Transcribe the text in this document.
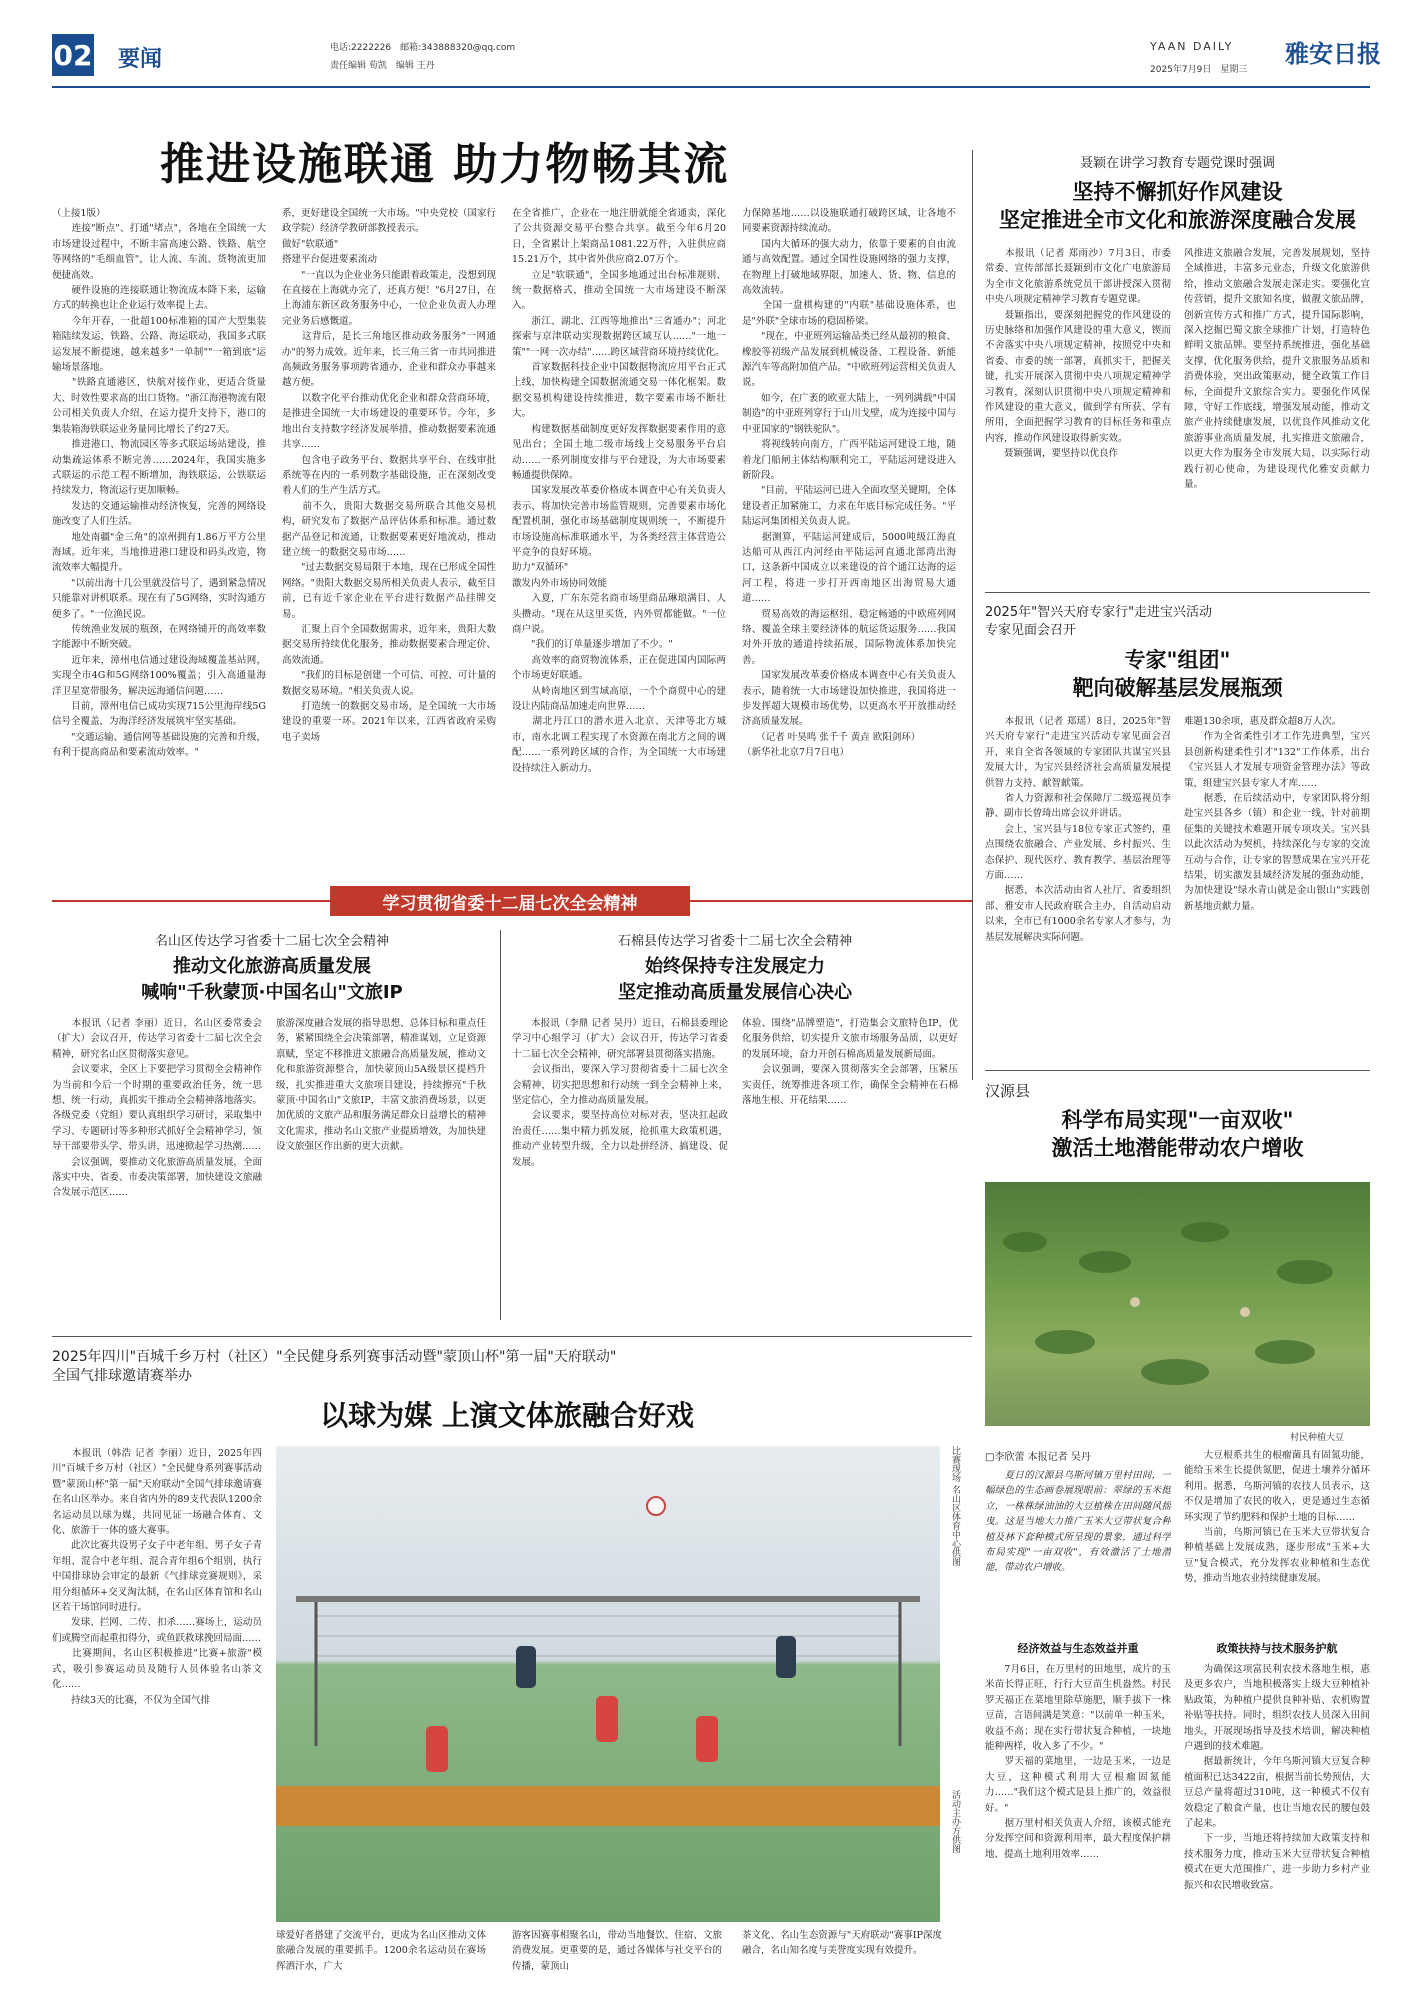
02 要闻	电话:2222226　邮箱:343888320@qq.com
责任编辑 荀凯　编辑 王丹
YAAN DAILY 雅安日报
2025年7月9日　星期三
推进设施联通 助力物畅其流

（上接1版）

　　连接"断点"、打通"堵点"，各地在全国统一大市场建设过程中，不断丰富高速公路、铁路、航空等网络的"毛细血管"，让人流、车流、货物流更加便捷高效。

　　硬件设施的连接联通让物流成本降下来，运输方式的转换也让企业运行效率提上去。

　　今年开春，一批超100标准箱的国产大型集装箱陆续发运，铁路、公路、海运联动，我国多式联运发展不断提速，越来越多"一单制""一箱到底"运输场景落地。

　　"铁路直通港区，快航对接作业，更适合货量大、时效性要求高的出口货物。"浙江海港物流有限公司相关负责人介绍，在运力提升支持下，港口的集装箱海铁联运业务量同比增长了约27天。

　　推进港口、物流园区等多式联运场站建设，推动集疏运体系不断完善……2024年，我国实施多式联运的示范工程不断增加，海铁联运、公铁联运持续发力，物流运行更加顺畅。

　　发达的交通运输推动经济恢复，完善的网络设施改变了人们生活。

　　地处南疆"金三角"的凉州拥有1.86万平方公里海域。近年来，当地推进港口建设和码头改造，物流效率大幅提升。

　　"以前出海十几公里就没信号了，遇到紧急情况只能靠对讲机联系。现在有了5G网络，实时沟通方便多了。"一位渔民说。

　　传统渔业发展的瓶颈，在网络铺开的高效率数字能源中不断突破。

　　近年来，漳州电信通过建设海域覆盖基站网，实现全市4G和5G网络100%覆盖；引入高通量海洋卫星宽带服务，解决远海通信问题……

　　目前，漳州电信已成功实现715公里海岸线5G信号全覆盖，为海洋经济发展筑牢坚实基础。

　　"交通运输、通信网等基础设施的完善和升级，有利于提高商品和要素流动效率。"

系，更好建设全国统一大市场。"中央党校（国家行政学院）经济学教研部教授表示。

做好"软联通"

搭建平台促进要素流动

　　"一直以为企业业务只能跟着政策走，没想到现在直接在上海就办完了，还真方便！"6月27日，在上海浦东新区政务服务中心，一位企业负责人办理完业务后感慨道。

　　这背后，是长三角地区推动政务服务"一网通办"的努力成效。近年来，长三角三省一市共同推进高频政务服务事项跨省通办，企业和群众办事越来越方便。

　　以数字化平台推动优化企业和群众营商环境，是推进全国统一大市场建设的重要环节。今年，多地出台支持数字经济发展举措，推动数据要素流通共享……

　　包含电子政务平台、数据共享平台、在线审批系统等在内的一系列数字基础设施，正在深刻改变着人们的生产生活方式。

　　前不久，贵阳大数据交易所联合其他交易机构，研究发布了数据产品评估体系和标准。通过数据产品登记和流通，让数据要素更好地流动，推动建立统一的数据交易市场……

　　"过去数据交易局限于本地，现在已形成全国性网络。"贵阳大数据交易所相关负责人表示，截至目前，已有近千家企业在平台进行数据产品挂牌交易。

　　汇聚上百个全国数据需求，近年来，贵阳大数据交易所持续优化服务，推动数据要素合理定价、高效流通。

　　"我们的目标是创建一个可信、可控、可计量的数据交易环境。"相关负责人说。

　　打造统一的数据交易市场，是全国统一大市场建设的重要一环。2021年以来，江西省政府采购电子卖场

在全省推广，企业在一地注册就能全省通卖，深化了公共资源交易平台整合共享。截至今年6月20日，全省累计上架商品1081.22万件，入驻供应商15.21万个，其中省外供应商2.07万个。

　　立足"软联通"，全国多地通过出台标准规则、统一数据格式，推动全国统一大市场建设不断深入。

　　浙江、湖北、江西等地推出"三省通办"；河北探索与京津联动实现数据跨区域互认……"一地一策""一网一次办结"……跨区域营商环境持续优化。

　　首家数据科技企业中国数据物流应用平台正式上线，加快构建全国数据流通交易一体化框架。数据交易机构建设持续推进，数字要素市场不断壮大。

　　构建数据基础制度更好发挥数据要素作用的意见出台；全国土地二级市场线上交易服务平台启动……一系列制度安排与平台建设，为大市场要素畅通提供保障。

　　国家发展改革委价格成本调查中心有关负责人表示，将加快完善市场监管规则，完善要素市场化配置机制，强化市场基础制度规则统一，不断提升市场设施高标准联通水平，为各类经营主体营造公平竞争的良好环境。

助力"双循环"

激发内外市场协同效能

　　入夏，广东东莞名商市场里商品琳琅满目、人头攒动。"现在从这里买货，内外贸都能做。"一位商户说。

　　"我们的订单量逐步增加了不少。"

　　高效率的商贸物流体系，正在促进国内国际两个市场更好联通。

　　从岭南地区到雪域高原，一个个商贸中心的建设让内陆商品加速走向世界……

　　湖北丹江口的潜水进入北京、天津等北方城市，南水北调工程实现了水资源在南北方之间的调配……一系列跨区域的合作，为全国统一大市场建设持续注入新动力。

力保障基地……以设施联通打破跨区域，让各地不同要素资源持续流动。

　　国内大循环的强大动力，依靠于要素的自由流通与高效配置。通过全国性设施网络的强力支撑，在物理上打破地域界限、加速人、货、物、信息的高效流转。

　　全国一盘棋构建的"内联"基础设施体系，也是"外联"全球市场的稳固桥梁。

　　"现在，中亚班列运输品类已经从最初的粮食、橡胶等初级产品发展到机械设备、工程设备、新能源汽车等高附加值产品。"中欧班列运营相关负责人说。

　　如今，在广袤的欧亚大陆上，一列列满载"中国制造"的中亚班列穿行于山川戈壁，成为连接中国与中亚国家的"钢铁驼队"。

　　将视线转向南方，广西平陆运河建设工地，随着龙门船闸主体结构顺利完工，平陆运河建设进入新阶段。

　　"目前，平陆运河已进入全面攻坚关键期，全体建设者正加紧施工，力求在年底目标完成任务。"平陆运河集团相关负责人说。

　　据测算，平陆运河建成后，5000吨级江海直达船可从西江内河经由平陆运河直通北部湾出海口，这条新中国成立以来建设的首个通江达海的运河工程，将进一步打开西南地区出海贸易大通道……

　　贸易高效的海运枢纽、稳定畅通的中欧班列网络、覆盖全球主要经济体的航运货运服务……我国对外开放的通道持续拓展，国际物流体系加快完善。

　　国家发展改革委价格成本调查中心有关负责人表示，随着统一大市场建设加快推进，我国将进一步发挥超大规模市场优势，以更高水平开放推动经济高质量发展。

　　（记者 叶昊鸣 张千千 黄垚 欧阳剑环）

（新华社北京7月7日电）

聂颖在讲学习教育专题党课时强调
坚持不懈抓好作风建设
坚定推进全市文化和旅游深度融合发展

　　本报讯（记者 郑雨沙）7月3日，市委常委、宣传部部长聂颖到市文化广电旅游局为全市文化旅游系统党员干部讲授深入贯彻中央八项规定精神学习教育专题党课。

　　聂颖指出，要深刻把握党的作风建设的历史脉络和加强作风建设的重大意义，锲而不舍落实中央八项规定精神，按照党中央和省委、市委的统一部署，真抓实干，把握关键，扎实开展深入贯彻中央八项规定精神学习教育，深刻认识贯彻中央八项规定精神和作风建设的重大意义，做到学有所获、学有所用，全面把握学习教育的目标任务和重点内容，推动作风建设取得新实效。

　　聂颖强调，要坚持以优良作

风推进文旅融合发展，完善发展规划，坚持全域推进，丰富多元业态，升级文化旅游供给，推动文旅融合发展走深走实。要强化宣传营销，提升文旅知名度，做靓文旅品牌，创新宣传方式和推广方式，提升国际影响，深入挖掘巴蜀文旅全球推广计划，打造特色鲜明文旅品牌。要坚持系统推进，强化基础支撑，优化服务供给，提升文旅服务品质和消费体验，突出政策驱动，健全政策工作目标，全面提升文旅综合实力。要强化作风保障，守好工作底线，增强发展动能，推动文旅产业持续健康发展，以优良作风推动文化旅游事业高质量发展，扎实推进文旅融合，以更大作为服务全市发展大局，以实际行动践行初心使命，为建设现代化雅安贡献力量。

2025年"智兴天府专家行"走进宝兴活动
专家见面会召开
专家"组团"
靶向破解基层发展瓶颈

　　本报讯（记者 郑瑶）8日，2025年"智兴天府专家行"走进宝兴活动专家见面会召开，来自全省各领域的专家团队共谋宝兴县发展大计，为宝兴县经济社会高质量发展提供智力支持、献智献策。

　　省人力资源和社会保障厅二级巡视员李静、副市长曾琦出席会议并讲话。

　　会上，宝兴县与18位专家正式签约，重点围绕农旅融合、产业发展、乡村振兴、生态保护、现代医疗、教育教学、基层治理等方面……

　　据悉，本次活动由省人社厅、省委组织部、雅安市人民政府联合主办，自活动启动以来，全市已有1000余名专家人才参与，为基层发展解决实际问题。

难题130余项，惠及群众超8万人次。

　　作为全省柔性引才工作先进典型，宝兴县创新构建柔性引才"132"工作体系，出台《宝兴县人才发展专项资金管理办法》等政策，组建宝兴县专家人才库……

　　据悉，在后续活动中，专家团队将分组赴宝兴县各乡（镇）和企业一线，针对前期征集的关键技术难题开展专项攻关。宝兴县以此次活动为契机，持续深化与专家的交流互动与合作，让专家的智慧成果在宝兴开花结果，切实激发县域经济发展的强劲动能，为加快建设"绿水青山就是金山银山"实践创新基地贡献力量。

学习贯彻省委十二届七次全会精神
名山区传达学习省委十二届七次全会精神
推动文化旅游高质量发展
喊响"千秋蒙顶·中国名山"文旅IP

　　本报讯（记者 李丽）近日，名山区委常委会（扩大）会议召开，传达学习省委十二届七次全会精神，研究名山区贯彻落实意见。

　　会议要求，全区上下要把学习贯彻全会精神作为当前和今后一个时期的重要政治任务，统一思想、统一行动，真抓实干推动全会精神落地落实。各级党委（党组）要认真组织学习研讨，采取集中学习、专题研讨等多种形式抓好全会精神学习，领导干部要带头学、带头讲，迅速掀起学习热潮……

　　会议强调，要推动文化旅游高质量发展，全面落实中央、省委、市委决策部署，加快建设文旅融合发展示范区……

旅游深度融合发展的指导思想、总体目标和重点任务，紧紧围绕全会决策部署，精准谋划，立足资源禀赋，坚定不移推进文旅融合高质量发展，推动文化和旅游资源整合，加快蒙顶山5A级景区提档升级，扎实推进重大文旅项目建设，持续擦亮"千秋蒙顶·中国名山"文旅IP，丰富文旅消费场景，以更加优质的文旅产品和服务满足群众日益增长的精神文化需求，推动名山文旅产业提质增效，为加快建设文旅强区作出新的更大贡献。

石棉县传达学习省委十二届七次全会精神
始终保持专注发展定力
坚定推动高质量发展信心决心

　　本报讯（李鼎 记者 吴丹）近日，石棉县委理论学习中心组学习（扩大）会议召开，传达学习省委十二届七次全会精神，研究部署县贯彻落实措施。

　　会议指出，要深入学习贯彻省委十二届七次全会精神，切实把思想和行动统一到全会精神上来，坚定信心，全力推动高质量发展。

　　会议要求，要坚持高位对标对表，坚决扛起政治责任……集中精力抓发展，抢抓重大政策机遇，推动产业转型升级，全力以赴拼经济、搞建设、促发展。

体验、围绕"品牌塑造"，打造集会文旅特色IP，优化服务供给，切实提升文旅市场服务品质，以更好的发展环境，奋力开创石棉高质量发展新局面。

　　会议强调，要深入贯彻落实全会部署，压紧压实责任，统筹推进各项工作，确保全会精神在石棉落地生根、开花结果……

2025年四川"百城千乡万村（社区）"全民健身系列赛事活动暨"蒙顶山杯"第一届"天府联动"
全国气排球邀请赛举办
以球为媒 上演文体旅融合好戏

　　本报讯（韩浩 记者 李丽）近日，2025年四川"百城千乡万村（社区）"全民健身系列赛事活动暨"蒙顶山杯"第一届"天府联动"全国气排球邀请赛在名山区举办。来自省内外的89支代表队1200余名运动员以球为媒，共同见证一场融合体育、文化、旅游于一体的盛大赛事。

　　此次比赛共设男子女子中老年组、男子女子青年组、混合中老年组、混合青年组6个组别，执行中国排球协会审定的最新《气排球竞赛规则》，采用分组循环+交叉淘汰制，在名山区体育馆和名山区若干场馆同时进行。

　　发球、拦网、二传、扣杀……赛场上，运动员们或腾空而起重扣得分，或鱼跃救球挽回局面……

　　比赛期间，名山区积极推进"比赛+旅游"模式，吸引参赛运动员及随行人员体验名山茶文化……

　　持续3天的比赛，不仅为全国气排

比赛现场 名山区体育中心供图
活动主办方供图

球爱好者搭建了交流平台，更成为名山区推动文体旅融合发展的重要抓手。1200余名运动员在赛场挥洒汗水，广大

游客因赛事相聚名山，带动当地餐饮、住宿、文旅消费发展。更重要的是，通过各媒体与社交平台的传播，蒙顶山

茶文化、名山生态资源与"天府联动"赛事IP深度融合，名山知名度与美誉度实现有效提升。

汉源县
科学布局实现"一亩双收"
激活土地潜能带动农户增收
村民种植大豆
□李欣蕾 本报记者 吴丹

　　夏日的汉源县乌斯河镇万里村田间，一幅绿色的生态画卷展现眼前：翠绿的玉米挺立，一株株绿油油的大豆植株在田间随风摇曳。这是当地大力推广玉米大豆带状复合种植及林下套种模式所呈现的景象，通过科学布局实现"一亩双收"，有效激活了土地潜能，带动农户增收。

经济效益与生态效益并重

　　7月6日，在万里村的田地里，成片的玉米苗长得正旺，行行大豆苗生机盎然。村民罗天福正在菜地里除草施肥，顺手拔下一株豆苗，言语间满是笑意："以前单一种玉米，收益不高；现在实行带状复合种植，一块地能种两样，收入多了不少。"

　　罗天福的菜地里，一边是玉米，一边是大豆，这种模式利用大豆根瘤固氮能力……"我们这个模式是县上推广的，效益很好。"

　　据万里村相关负责人介绍，该模式能充分发挥空间和资源利用率，最大程度保护耕地、提高土地利用效率……

　　大豆根系共生的根瘤菌具有固氮功能，能给玉米生长提供氮肥，促进土壤养分循环利用。据悉，乌斯河镇的农技人员表示，这不仅是增加了农民的收入，更是通过生态循环实现了节约肥料和保护土地的目标……

　　当前，乌斯河镇已在玉米大豆带状复合种植基础上发展成熟，逐步形成"玉米+大豆"复合模式，充分发挥农业种植和生态优势，推动当地农业持续健康发展。

政策扶持与技术服务护航

　　为确保这项富民利农技术落地生根，惠及更多农户，当地积极落实上级大豆种植补贴政策，为种植户提供良种补贴、农机购置补贴等扶持。同时，组织农技人员深入田间地头，开展现场指导及技术培训，解决种植户遇到的技术难题。

　　据最新统计，今年乌斯河镇大豆复合种植面积已达3422亩，根据当前长势预估，大豆总产量将超过310吨，这一种模式不仅有效稳定了粮食产量，也让当地农民的腰包鼓了起来。

　　下一步，当地还将持续加大政策支持和技术服务力度，推动玉米大豆带状复合种植模式在更大范围推广，进一步助力乡村产业振兴和农民增收致富。
